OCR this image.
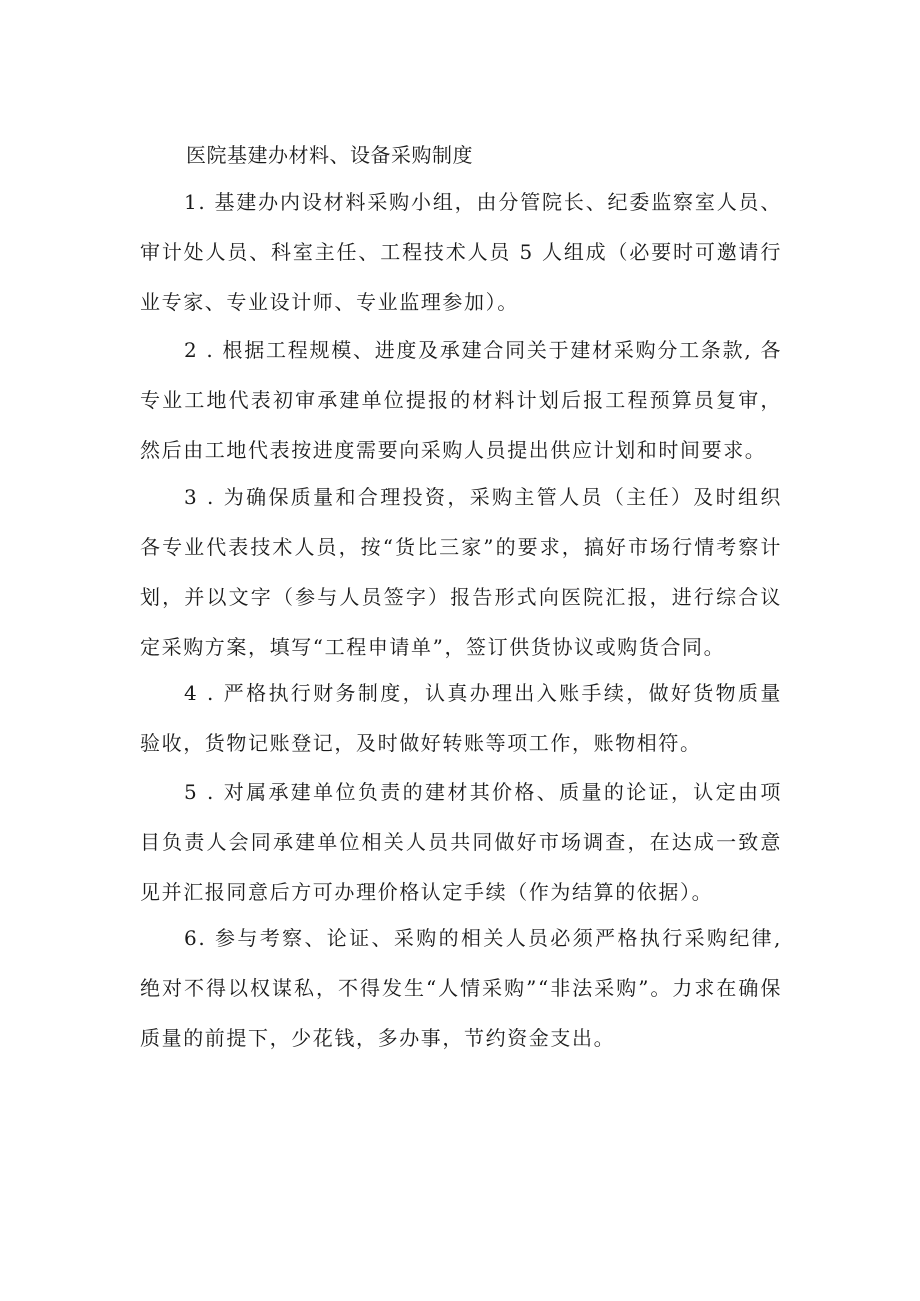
医院基建办材料、设备采购制度

1. 基建办内设材料采购小组，由分管院长、纪委监察室人员、审计处人员、科室主任、工程技术人员 5 人组成（必要时可邀请行业专家、专业设计师、专业监理参加）。

2 . 根据工程规模、进度及承建合同关于建材采购分工条款, 各专业工地代表初审承建单位提报的材料计划后报工程预算员复审，然后由工地代表按进度需要向采购人员提出供应计划和时间要求。

3 . 为确保质量和合理投资，采购主管人员（主任）及时组织各专业代表技术人员，按“货比三家”的要求，搞好市场行情考察计划，并以文字（参与人员签字）报告形式向医院汇报，进行综合议定采购方案，填写“工程申请单”，签订供货协议或购货合同。

4 . 严格执行财务制度，认真办理出入账手续，做好货物质量验收，货物记账登记，及时做好转账等项工作，账物相符。

5 . 对属承建单位负责的建材其价格、质量的论证，认定由项目负责人会同承建单位相关人员共同做好市场调查，在达成一致意见并汇报同意后方可办理价格认定手续（作为结算的依据）。

6. 参与考察、论证、采购的相关人员必须严格执行采购纪律, 绝对不得以权谋私，不得发生“人情采购”“非法采购”。力求在确保质量的前提下，少花钱，多办事，节约资金支出。
